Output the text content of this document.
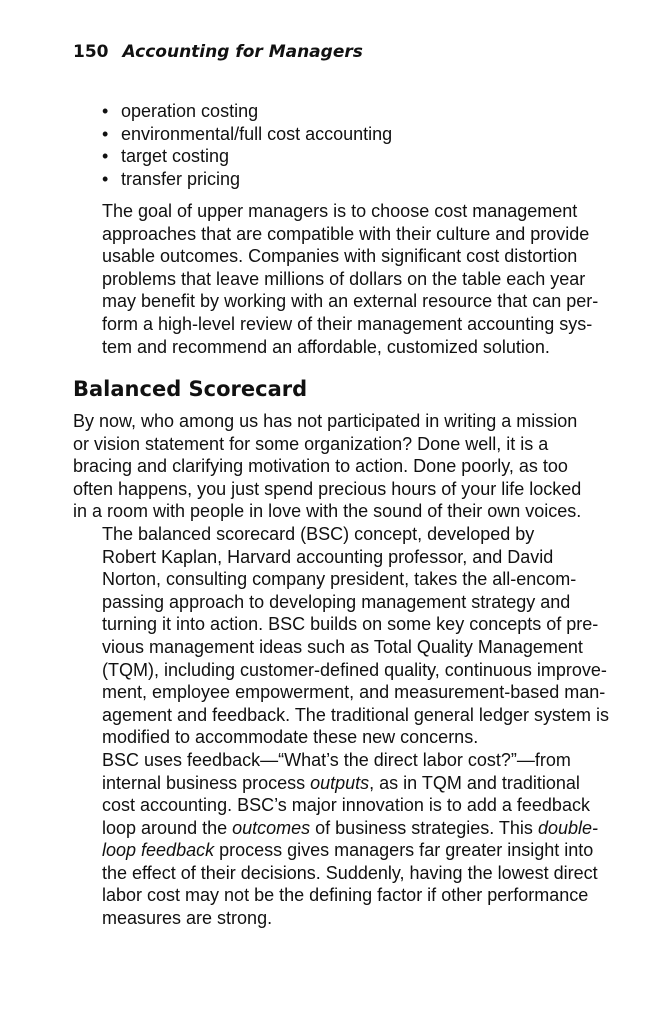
150 Accounting for Managers
• operation costing
• environmental/full cost accounting
• target costing
• transfer pricing

The goal of upper managers is to choose cost management
approaches that are compatible with their culture and provide
usable outcomes. Companies with significant cost distortion
problems that leave millions of dollars on the table each year
may benefit by working with an external resource that can per-
form a high-level review of their management accounting sys-
tem and recommend an affordable, customized solution.

Balanced Scorecard

By now, who among us has not participated in writing a mission
or vision statement for some organization? Done well, it is a
bracing and clarifying motivation to action. Done poorly, as too
often happens, you just spend precious hours of your life locked
in a room with people in love with the sound of their own voices.

The balanced scorecard (BSC) concept, developed by
Robert Kaplan, Harvard accounting professor, and David
Norton, consulting company president, takes the all-encom-
passing approach to developing management strategy and
turning it into action. BSC builds on some key concepts of pre-
vious management ideas such as Total Quality Management
(TQM), including customer-defined quality, continuous improve-
ment, employee empowerment, and measurement-based man-
agement and feedback. The traditional general ledger system is
modified to accommodate these new concerns.

BSC uses feedback—“What’s the direct labor cost?”—from
internal business process outputs, as in TQM and traditional
cost accounting. BSC’s major innovation is to add a feedback
loop around the outcomes of business strategies. This double-
loop feedback process gives managers far greater insight into
the effect of their decisions. Suddenly, having the lowest direct
labor cost may not be the defining factor if other performance
measures are strong.
